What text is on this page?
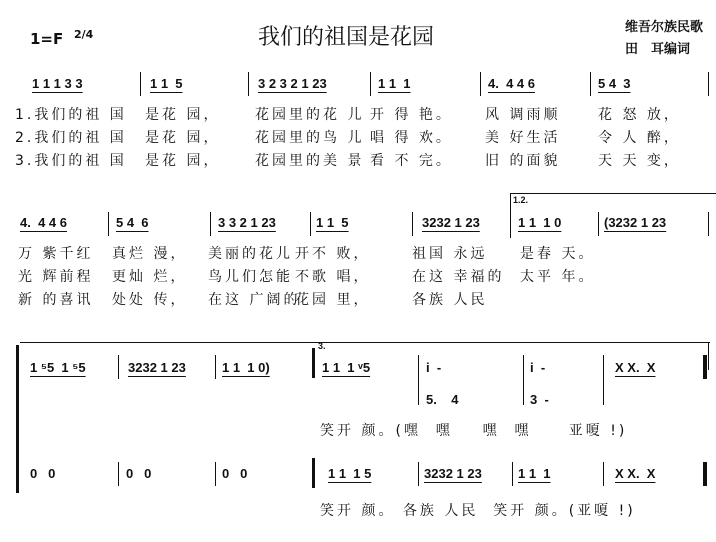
1=F 2/4	我们的祖国是花园	维吾尔族民歌
田　耳编词
1 1 1 3 3	1 1  5	3 2 3 2 1 23	1 1  1	4.  4 4 6	5 4  3
1.我们的祖 国 是花 园， 花园里的花 儿 开 得 艳。 风 调雨顺	花 怒 放，
2.我们的祖 国 是花 园， 花园里的鸟 儿 唱 得 欢。 美 好生活	令 人 醉，
3.我们的祖 国 是花 园， 花园里的美 景 看 不 完。 旧 的面貌	天 天 变，
1.2.
4.  4 4 6	5 4  6	3 3 2 1 23	1 1  5	3232 1 23	1 1  1 0	(3232 1 23
万 紫千红 真烂 漫， 美丽的花儿 开不 败，	祖国 永远 是春 天。
光 辉前程 更灿 烂， 鸟儿们怎能 不歌 唱，	在这 幸福的 太平 年。
新 的喜讯 处处 传， 在这 广阔的
花园 里，	各族 人民
3.
1 ⁵5  1 ⁵5	3232 1 23	1 1  1 0)	1 1  1 ᵛ5	i  -	i  -	X X.  X
5.    4	3  -
笑开 颜。(嘿  嘿    嘿  嘿     亚嗄 !)
0   0	0   0	0   0	1 1  1 5	3232 1 23	1 1  1	X X.  X
笑开 颜。 各族 人民  笑开 颜。(亚嗄 !)
